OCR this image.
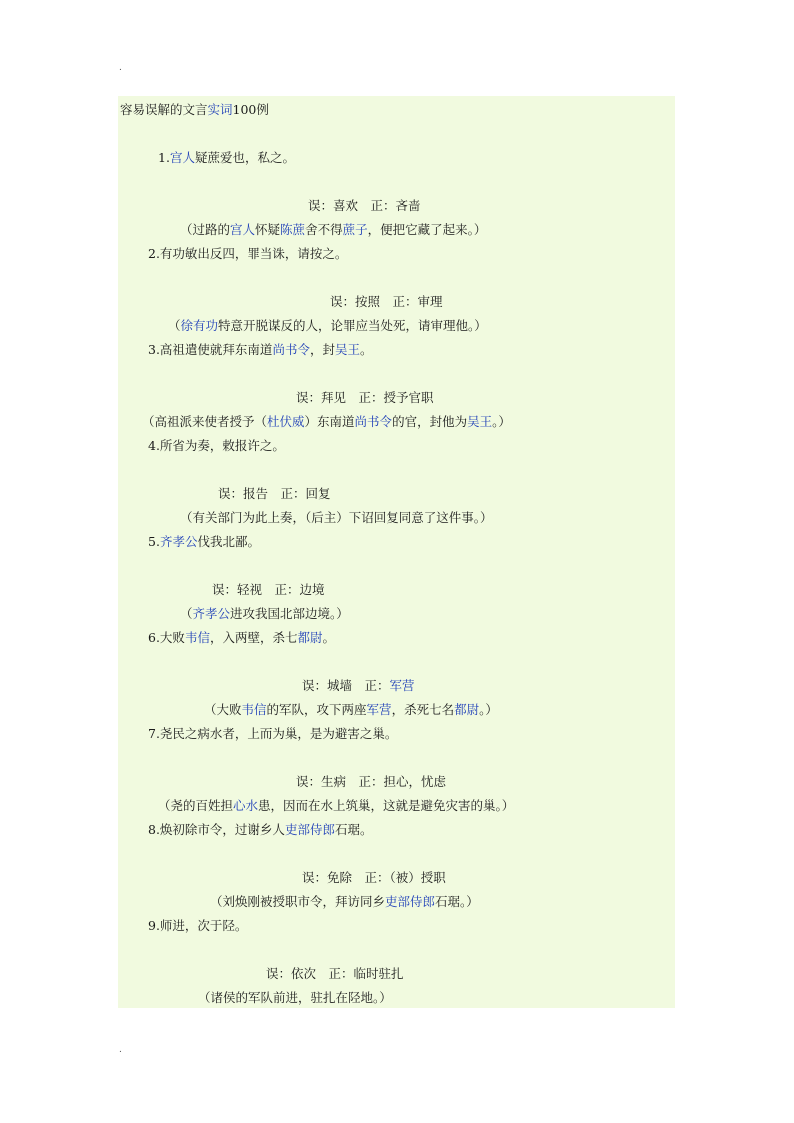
.
容易误解的文言实词100例
1.宫人疑蔗爱也，私之。
误：喜欢　正：吝啬
（过路的宫人怀疑陈蔗舍不得蔗子，便把它藏了起来。）
2.有功敏出反四，罪当诛，请按之。
误：按照　正：审理
（徐有功特意开脱谋反的人，论罪应当处死，请审理他。）
3.高祖遣使就拜东南道尚书令，封吴王。
误：拜见　正：授予官职
（高祖派来使者授予（杜伏威）东南道尚书令的官，封他为吴王。）
4.所省为奏，敕报许之。
误：报告　正：回复
（有关部门为此上奏，（后主）下诏回复同意了这件事。）
5.齐孝公伐我北鄙。
误：轻视　正：边境
（齐孝公进攻我国北部边境。）
6.大败韦信，入两壁，杀七都尉。
误：城墙　正：军营
（大败韦信的军队，攻下两座军营，杀死七名都尉。）
7.尧民之病水者，上而为巢，是为避害之巢。
误：生病　正：担心，忧虑
（尧的百姓担心水患，因而在水上筑巢，这就是避免灾害的巢。）
8.焕初除市令，过谢乡人吏部侍郎石琚。
误：免除　正：（被）授职
（刘焕刚被授职市令，拜访同乡吏部侍郎石琚。）
9.师进，次于陉。
误：依次　正：临时驻扎
（诸侯的军队前进，驻扎在陉地。）
.
